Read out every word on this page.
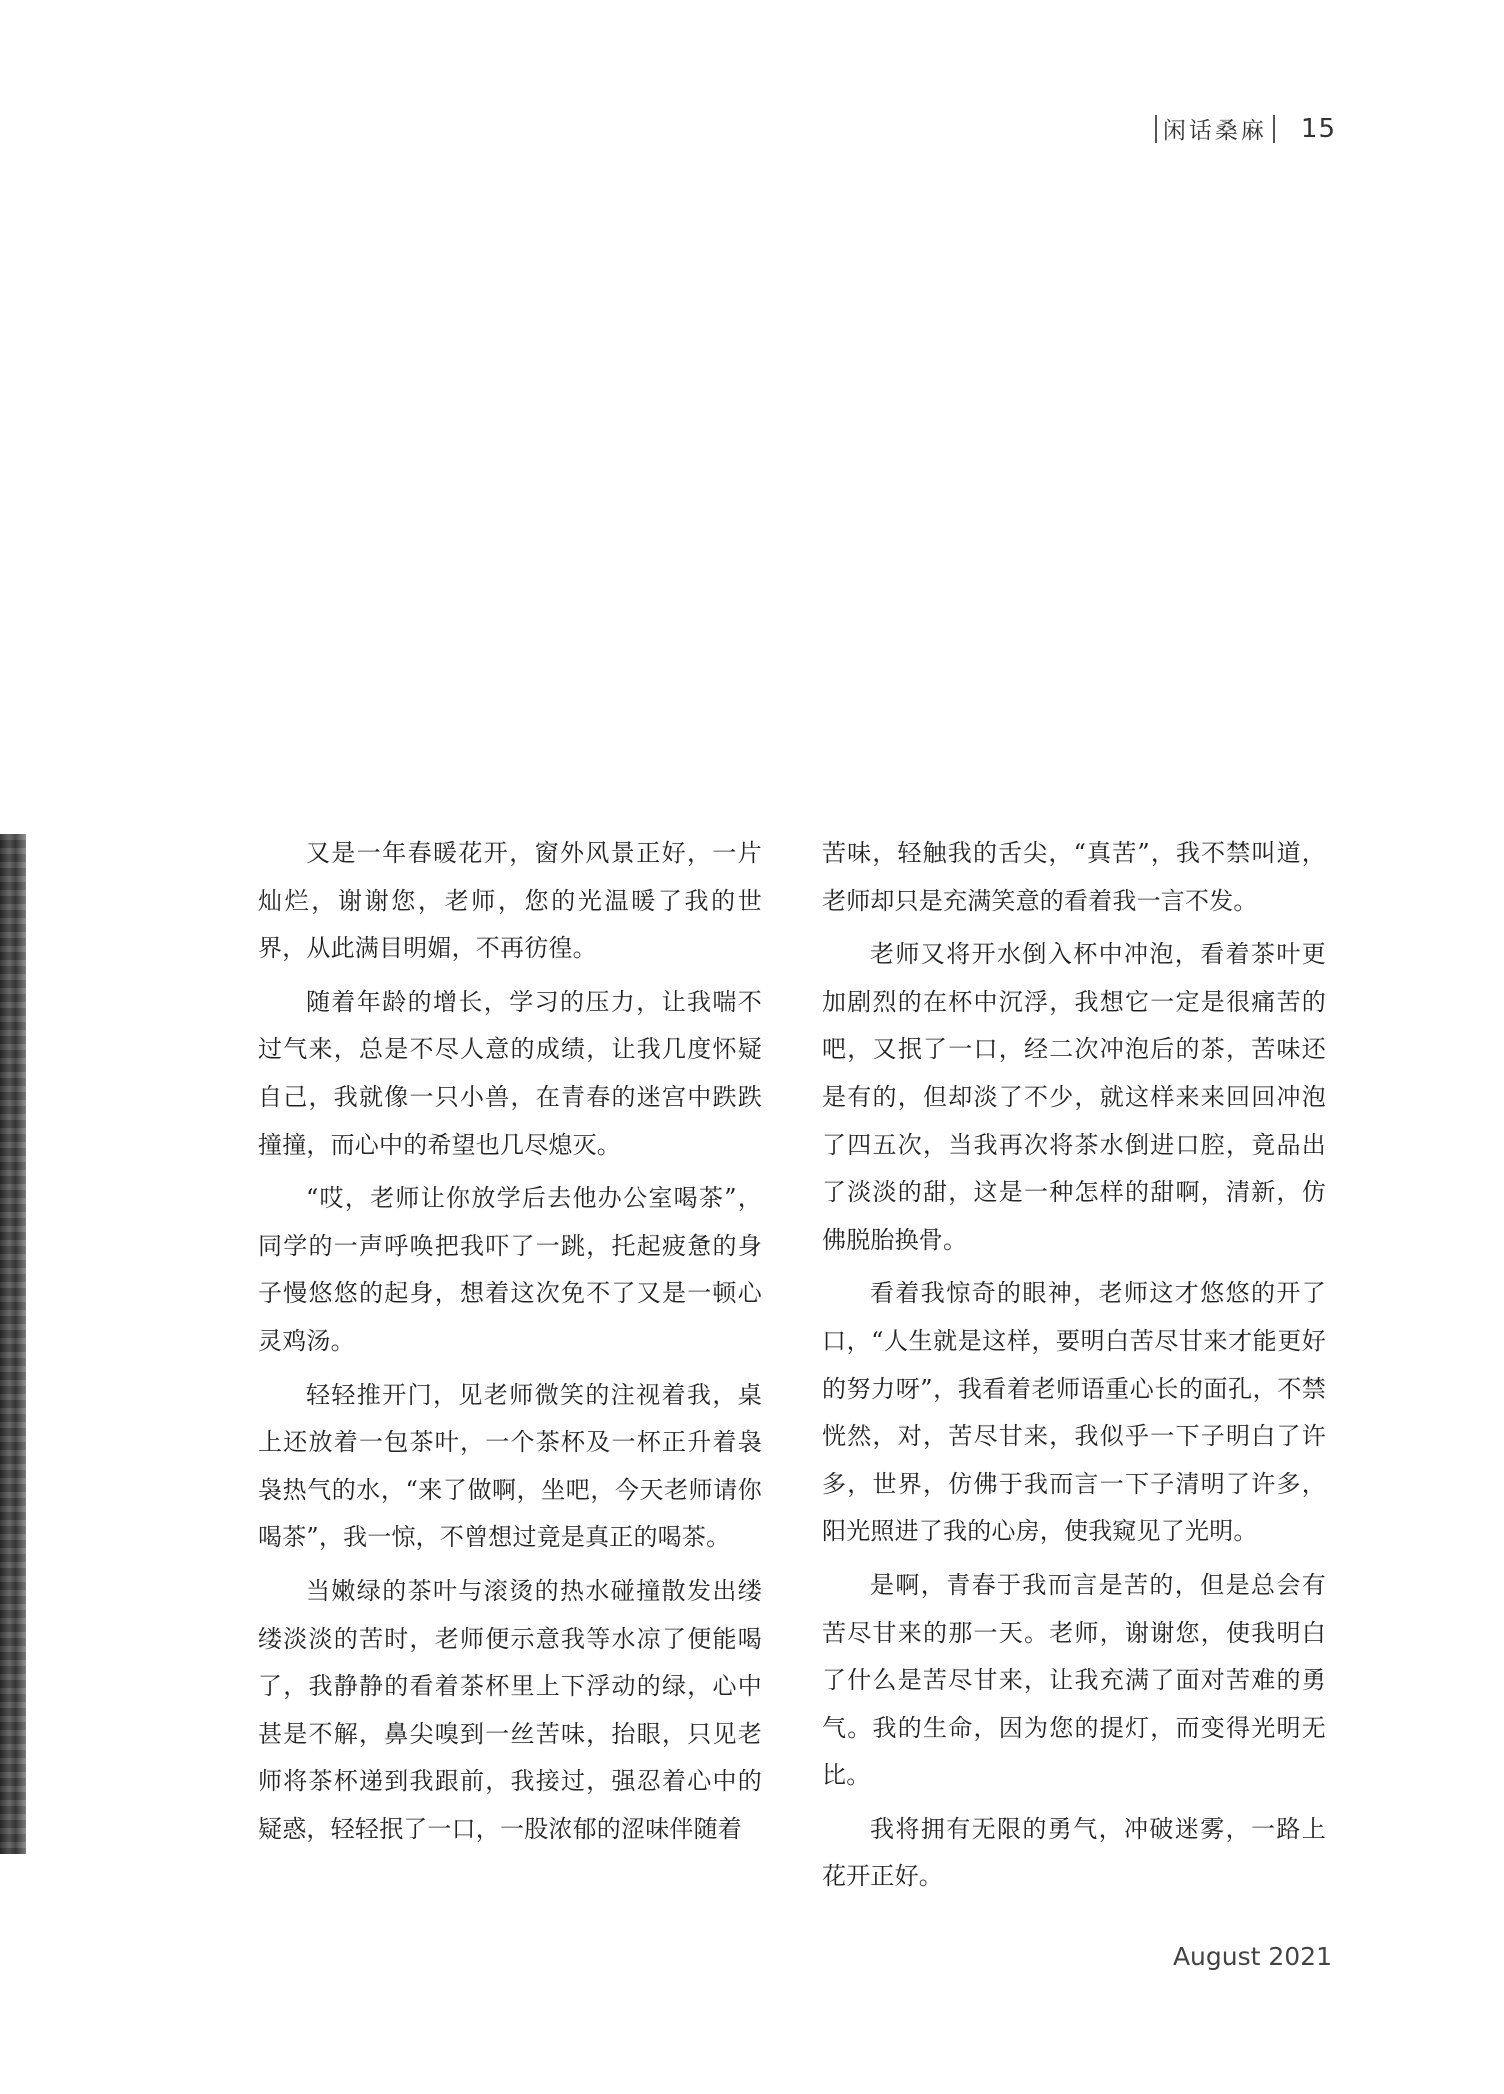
闲话桑麻 15

又是一年春暖花开，窗外风景正好，一片灿烂，谢谢您，老师，您的光温暖了我的世界，从此满目明媚，不再彷徨。

随着年龄的增长，学习的压力，让我喘不过气来，总是不尽人意的成绩，让我几度怀疑自己，我就像一只小兽，在青春的迷宫中跌跌撞撞，而心中的希望也几尽熄灭。

“哎，老师让你放学后去他办公室喝茶”，同学的一声呼唤把我吓了一跳，托起疲惫的身子慢悠悠的起身，想着这次免不了又是一顿心灵鸡汤。

轻轻推开门，见老师微笑的注视着我，桌上还放着一包茶叶，一个茶杯及一杯正升着袅袅热气的水，“来了做啊，坐吧，今天老师请你喝茶”，我一惊，不曾想过竟是真正的喝茶。

当嫩绿的茶叶与滚烫的热水碰撞散发出缕缕淡淡的苦时，老师便示意我等水凉了便能喝了，我静静的看着茶杯里上下浮动的绿，心中甚是不解，鼻尖嗅到一丝苦味，抬眼，只见老师将茶杯递到我跟前，我接过，强忍着心中的疑惑，轻轻抿了一口，一股浓郁的涩味伴随着

苦味，轻触我的舌尖，“真苦”，我不禁叫道，老师却只是充满笑意的看着我一言不发。

老师又将开水倒入杯中冲泡，看着茶叶更加剧烈的在杯中沉浮，我想它一定是很痛苦的吧，又抿了一口，经二次冲泡后的茶，苦味还是有的，但却淡了不少，就这样来来回回冲泡了四五次，当我再次将茶水倒进口腔，竟品出了淡淡的甜，这是一种怎样的甜啊，清新，仿佛脱胎换骨。

看着我惊奇的眼神，老师这才悠悠的开了口，“人生就是这样，要明白苦尽甘来才能更好的努力呀”，我看着老师语重心长的面孔，不禁恍然，对，苦尽甘来，我似乎一下子明白了许多，世界，仿佛于我而言一下子清明了许多，阳光照进了我的心房，使我窥见了光明。

是啊，青春于我而言是苦的，但是总会有苦尽甘来的那一天。老师，谢谢您，使我明白了什么是苦尽甘来，让我充满了面对苦难的勇气。我的生命，因为您的提灯，而变得光明无比。

我将拥有无限的勇气，冲破迷雾，一路上花开正好。

August 2021
